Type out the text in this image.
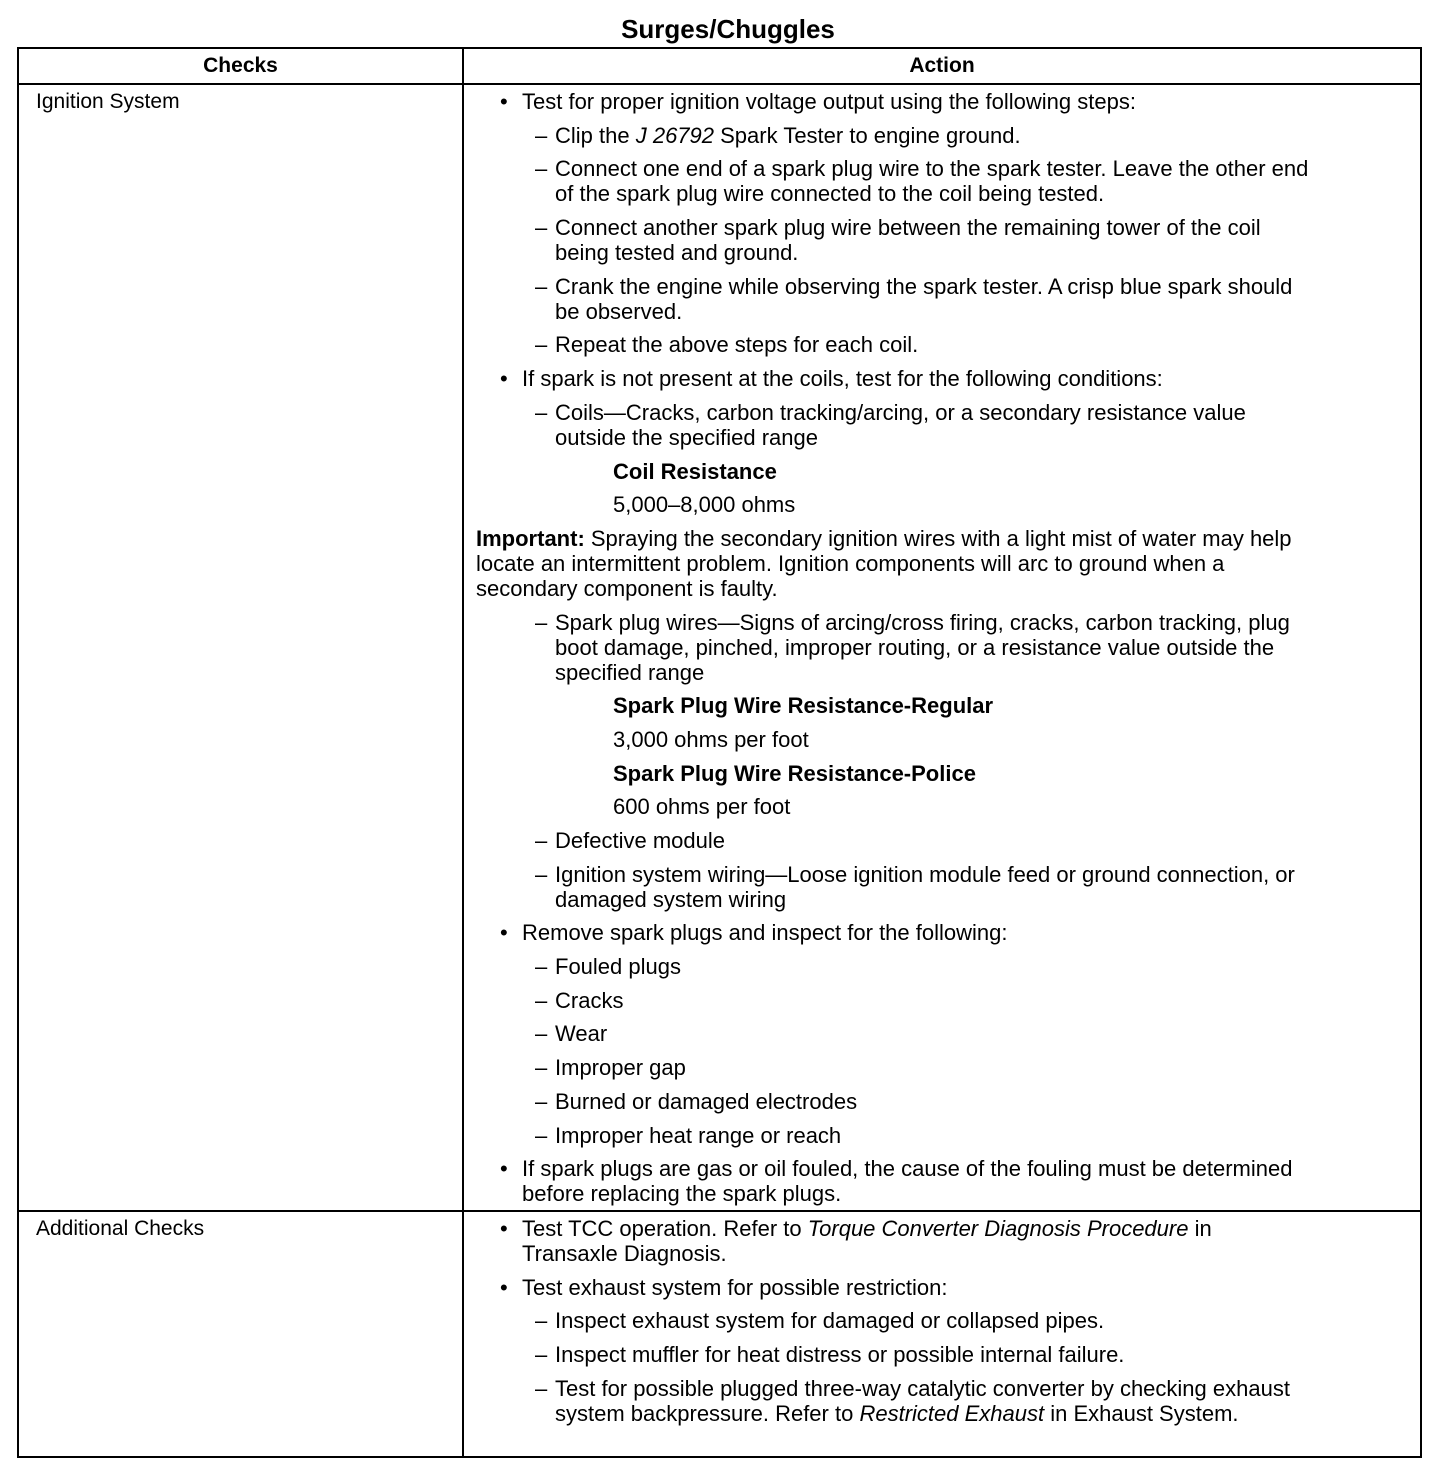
Surges/Chuggles
Checks	Action
Ignition System	• Test for proper ignition voltage output using the following steps:
– Clip the J 26792 Spark Tester to engine ground.
– Connect one end of a spark plug wire to the spark tester. Leave the other end
of the spark plug wire connected to the coil being tested.
– Connect another spark plug wire between the remaining tower of the coil
being tested and ground.
– Crank the engine while observing the spark tester. A crisp blue spark should
be observed.
– Repeat the above steps for each coil.
• If spark is not present at the coils, test for the following conditions:
– Coils—Cracks, carbon tracking/arcing, or a secondary resistance value
outside the specified range
Coil Resistance
5,000–8,000 ohms
Important: Spraying the secondary ignition wires with a light mist of water may help
locate an intermittent problem. Ignition components will arc to ground when a
secondary component is faulty.
– Spark plug wires—Signs of arcing/cross firing, cracks, carbon tracking, plug
boot damage, pinched, improper routing, or a resistance value outside the
specified range
Spark Plug Wire Resistance-Regular
3,000 ohms per foot
Spark Plug Wire Resistance-Police
600 ohms per foot
– Defective module
– Ignition system wiring—Loose ignition module feed or ground connection, or
damaged system wiring
• Remove spark plugs and inspect for the following:
– Fouled plugs
– Cracks
– Wear
– Improper gap
– Burned or damaged electrodes
– Improper heat range or reach
• If spark plugs are gas or oil fouled, the cause of the fouling must be determined
before replacing the spark plugs.
Additional Checks	• Test TCC operation. Refer to Torque Converter Diagnosis Procedure in
Transaxle Diagnosis.
• Test exhaust system for possible restriction:
– Inspect exhaust system for damaged or collapsed pipes.
– Inspect muffler for heat distress or possible internal failure.
– Test for possible plugged three-way catalytic converter by checking exhaust
system backpressure. Refer to Restricted Exhaust in Exhaust System.
